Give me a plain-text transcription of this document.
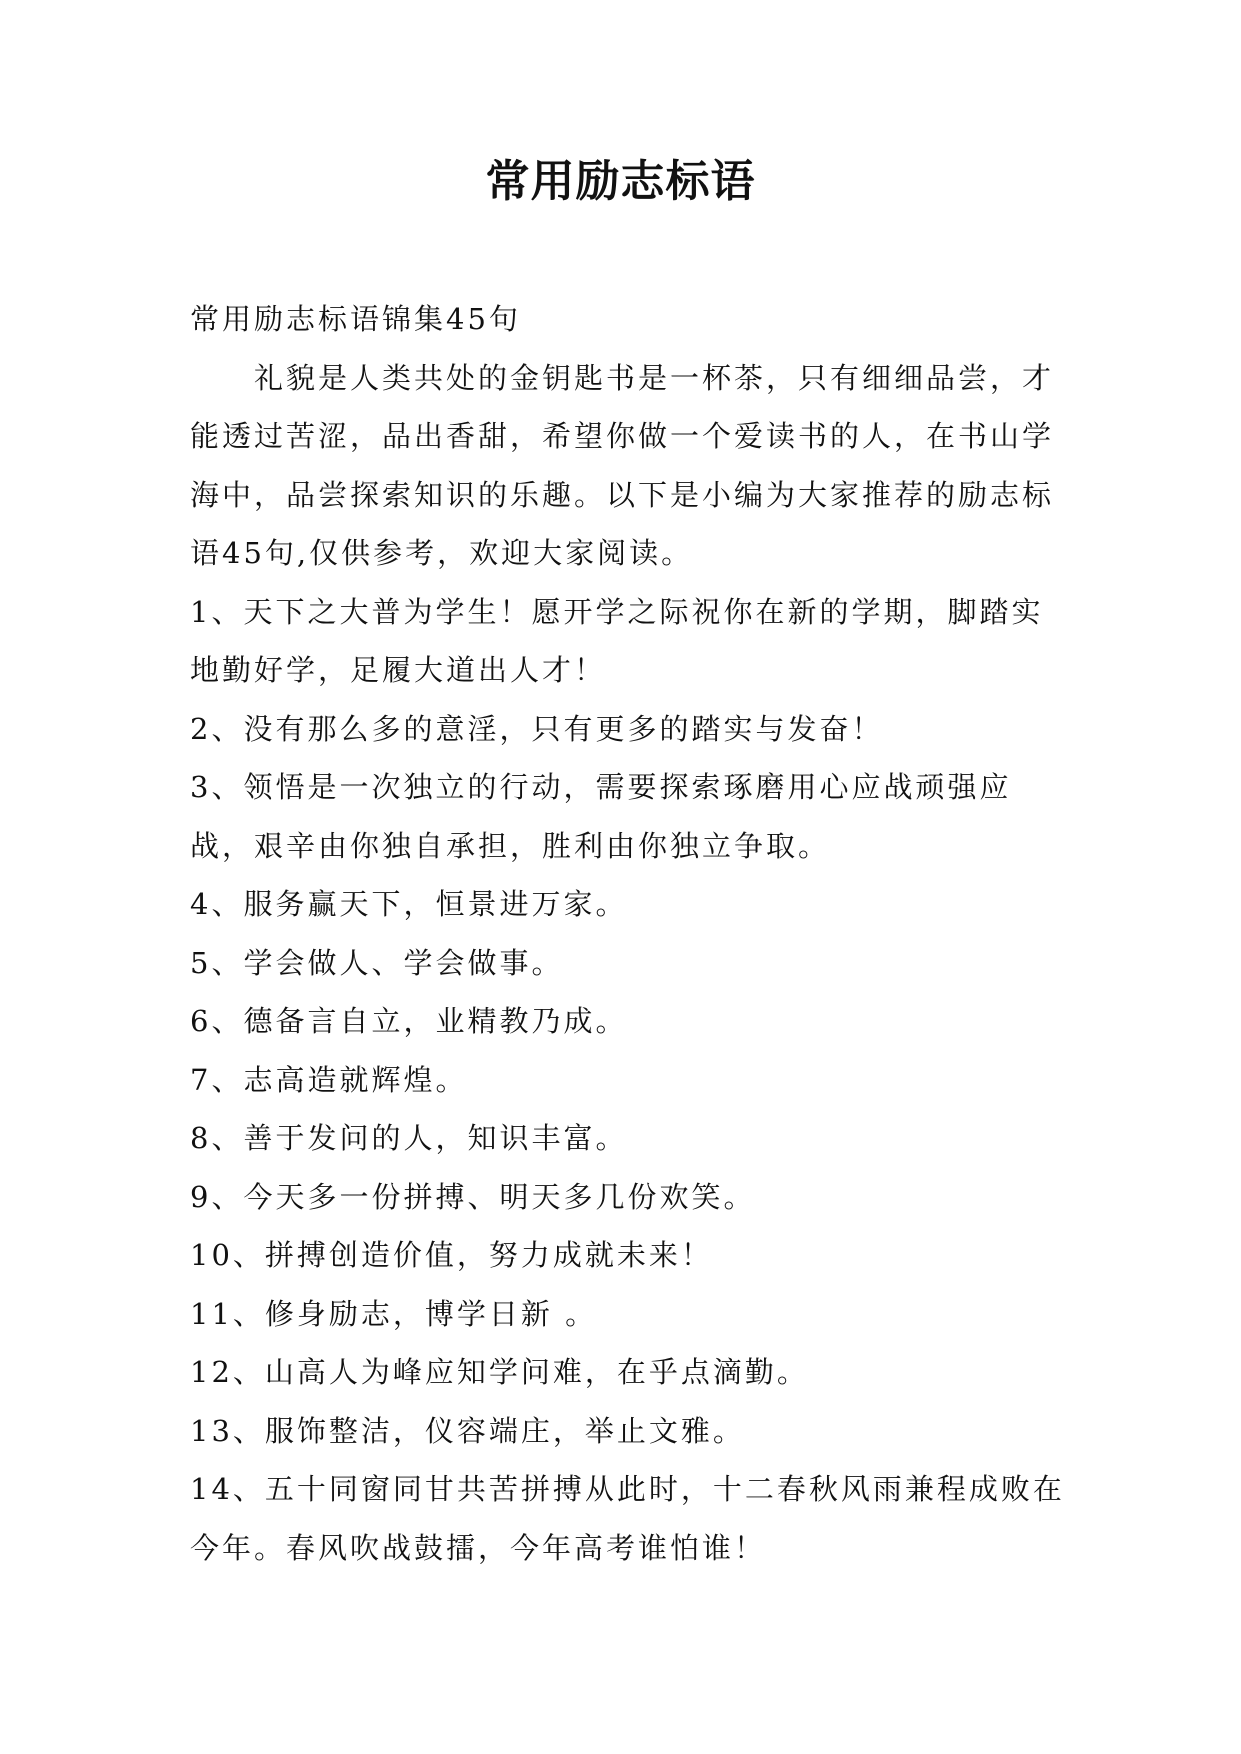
常用励志标语

常用励志标语锦集45句

礼貌是人类共处的金钥匙书是一杯茶，只有细细品尝，才能透过苦涩，品出香甜，希望你做一个爱读书的人，在书山学海中，品尝探索知识的乐趣。以下是小编为大家推荐的励志标语45句,仅供参考，欢迎大家阅读。

1、天下之大普为学生！愿开学之际祝你在新的学期，脚踏实地勤好学，足履大道出人才！

2、没有那么多的意淫，只有更多的踏实与发奋！

3、领悟是一次独立的行动，需要探索琢磨用心应战顽强应战，艰辛由你独自承担，胜利由你独立争取。

4、服务赢天下，恒景进万家。

5、学会做人、学会做事。

6、德备言自立，业精教乃成。

7、志高造就辉煌。

8、善于发问的人，知识丰富。

9、今天多一份拼搏、明天多几份欢笑。

10、拼搏创造价值，努力成就未来！

11、修身励志，博学日新 。

12、山高人为峰应知学问难，在乎点滴勤。

13、服饰整洁，仪容端庄，举止文雅。

14、五十同窗同甘共苦拼搏从此时，十二春秋风雨兼程成败在今年。春风吹战鼓擂，今年高考谁怕谁！
